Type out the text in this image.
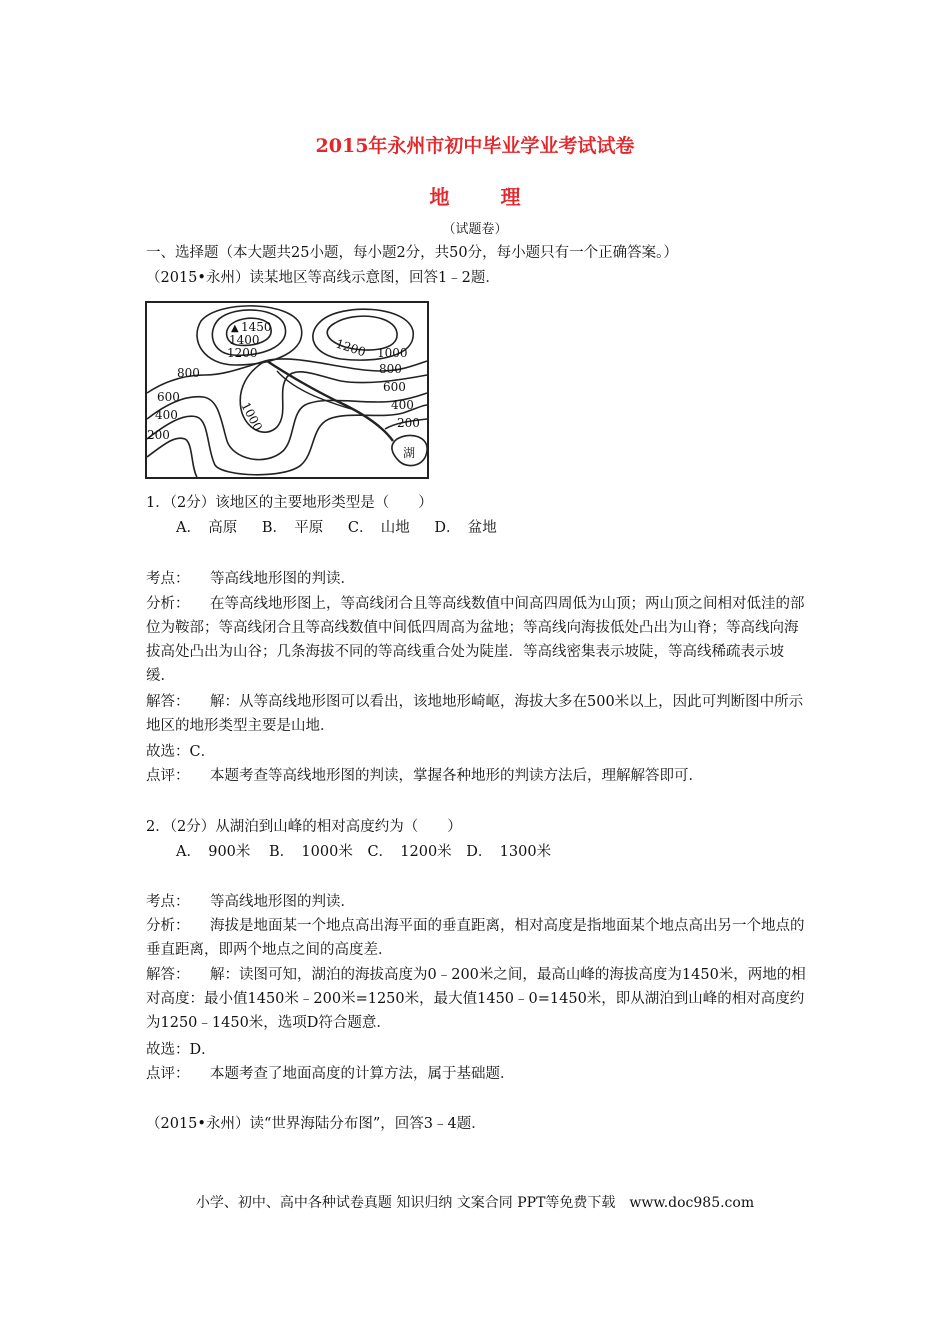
2015年永州市初中毕业学业考试试卷
地 理
（试题卷）
一、选择题（本大题共25小题，每小题2分，共50分，每小题只有一个正确答案。）
（2015•永州）读某地区等高线示意图，回答1﹣2题．
▲ 1450
1400
1200	1200 1000
800	800
600
600
400
400
200
200
1000
湖
1．（2分）该地区的主要地形类型是（　　）
A．　高原 B．　平原 C．　山地 D．　盆地
考点： 等高线地形图的判读．
分析： 在等高线地形图上，等高线闭合且等高线数值中间高四周低为山顶；两山顶之间相对低洼的部位为鞍部；等高线闭合且等高线数值中间低四周高为盆地；等高线向海拔低处凸出为山脊；等高线向海拔高处凸出为山谷；几条海拔不同的等高线重合处为陡崖．等高线密集表示坡陡，等高线稀疏表示坡缓．
解答： 解：从等高线地形图可以看出，该地地形崎岖，海拔大多在500米以上，因此可判断图中所示地区的地形类型主要是山地．
故选：C．
点评： 本题考查等高线地形图的判读，掌握各种地形的判读方法后，理解解答即可．
2．（2分）从湖泊到山峰的相对高度约为（　　）
A．　900米 B．　1000米 C．　1200米 D．　1300米
考点： 等高线地形图的判读．
分析： 海拔是地面某一个地点高出海平面的垂直距离，相对高度是指地面某个地点高出另一个地点的垂直距离，即两个地点之间的高度差．
解答： 解：读图可知，湖泊的海拔高度为0﹣200米之间，最高山峰的海拔高度为1450米，两地的相对高度：最小值1450米﹣200米=1250米，最大值1450﹣0=1450米，即从湖泊到山峰的相对高度约为1250﹣1450米，选项D符合题意．
故选：D．
点评： 本题考查了地面高度的计算方法，属于基础题．
（2015•永州）读“世界海陆分布图”，回答3﹣4题．
小学、初中、高中各种试卷真题 知识归纳 文案合同 PPT等免费下载　www.doc985.com
